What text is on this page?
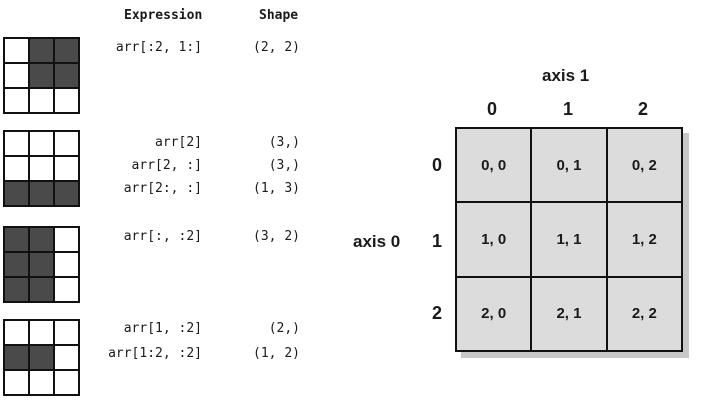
Expression	Shape
arr[:2, 1:]	(2, 2)
arr[2]	(3,)
arr[2, :]	(3,)
arr[2:, :]	(1, 3)
arr[:, :2]	(3, 2)
arr[1, :2]	(2,)
arr[1:2, :2]	(1, 2)
axis 1
0	1	2
axis 0
0
1
2
0, 0	0, 1	0, 2
1, 0	1, 1	1, 2
2, 0	2, 1	2, 2
